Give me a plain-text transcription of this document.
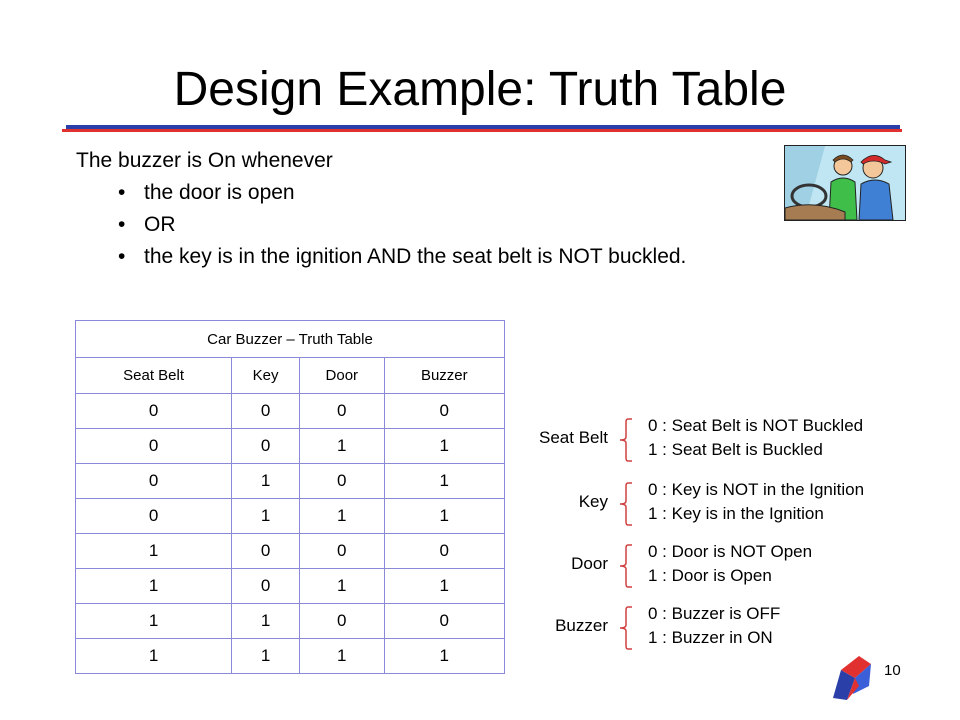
Design Example: Truth Table
The buzzer is On whenever
• the door is open
• OR
• the key is in the ignition AND the seat belt is NOT buckled.
Car Buzzer – Truth Table			
Seat Belt	Key	Door	Buzzer
0	0	0	0
0	0	1	1
0	1	0	1
0	1	1	1
1	0	0	0
1	0	1	1
1	1	0	0
1	1	1	1
Seat Belt
0 : Seat Belt is NOT Buckled
1 : Seat Belt is Buckled
Key
0 : Key is NOT in the Ignition
1 : Key is in the Ignition
Door
0 : Door is NOT Open
1 : Door is Open
Buzzer
0 : Buzzer is OFF
1 : Buzzer in ON
10
